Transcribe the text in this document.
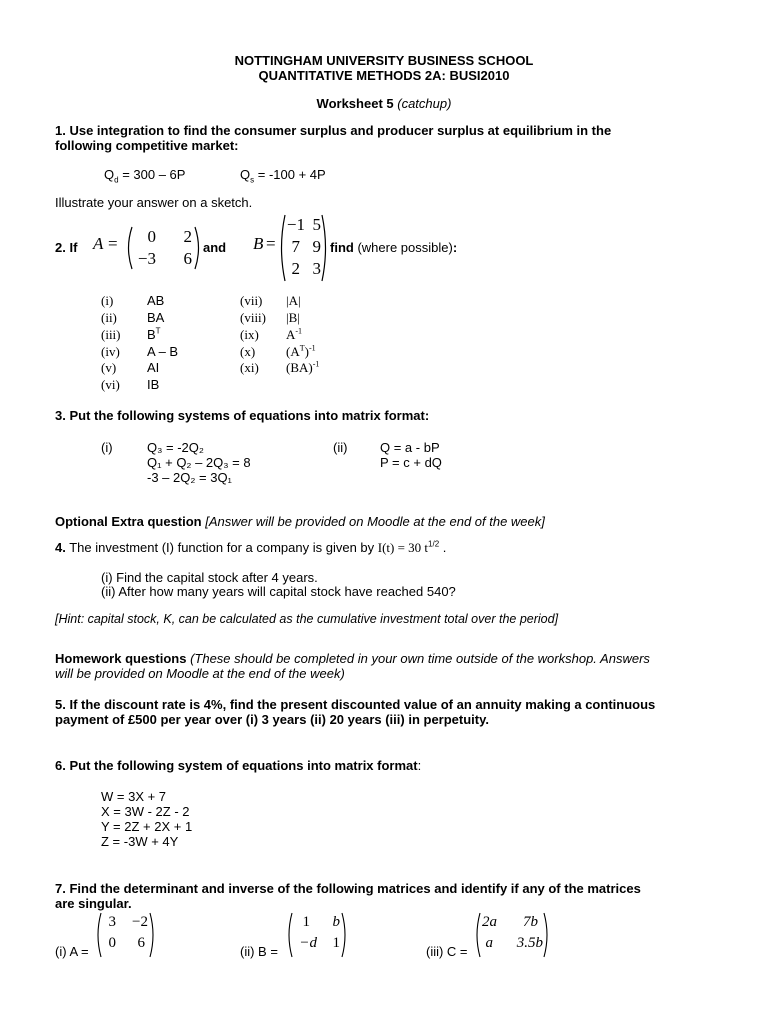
NOTTINGHAM UNIVERSITY BUSINESS SCHOOL
QUANTITATIVE METHODS 2A: BUSI2010
Worksheet 5 (catchup)
1. Use integration to find the consumer surplus and producer surplus at equilibrium in the
following competitive market:
$Q_d = 300 - 6P$	$Q_s = -100 + 4P$
Illustrate your answer on a sketch.
2. If A =	0	2
−3	6
and B =
−1 5
7 9
2 3
find (where possible):
(i)	AB
(ii) BA
(iii) $B^T$
(iv) A – B
(v) AI
(vi) IB
(vii) |A|
(viii) |B|
(ix) $A^{-1}$
(x) $(A^T)^{-1}$
(xi) (BA)$^{-1}$
3. Put the following systems of equations into matrix format:
(i)	Q₃ = -2Q₂
Q₁ + Q₂ – 2Q₃ = 8
-3 – 2Q₂ = 3Q₁
(ii)	Q = a - bP
P = c + dQ
Optional Extra question [Answer will be provided on Moodle at the end of the week]
4. The investment (I) function for a company is given by I(t) = 30 $t^{1/2}$ .
(i) Find the capital stock after 4 years.
(ii) After how many years will capital stock have reached 540?
[Hint: capital stock, K, can be calculated as the cumulative investment total over the period]
Homework questions (These should be completed in your own time outside of the workshop. Answers
will be provided on Moodle at the end of the week)
5. If the discount rate is 4%, find the present discounted value of an annuity making a continuous
payment of £500 per year over (i) 3 years (ii) 20 years (iii) in perpetuity.
6. Put the following system of equations into matrix format:
W = 3X + 7
X = 3W - 2Z - 2
Y = 2Z + 2X + 1
Z = -3W + 4Y
7. Find the determinant and inverse of the following matrices and identify if any of the matrices
are singular.
(i) A =
3 −2
0	6
(ii) B =
1	b
−d	1
(iii) C =
2a	7b
a	3.5b
